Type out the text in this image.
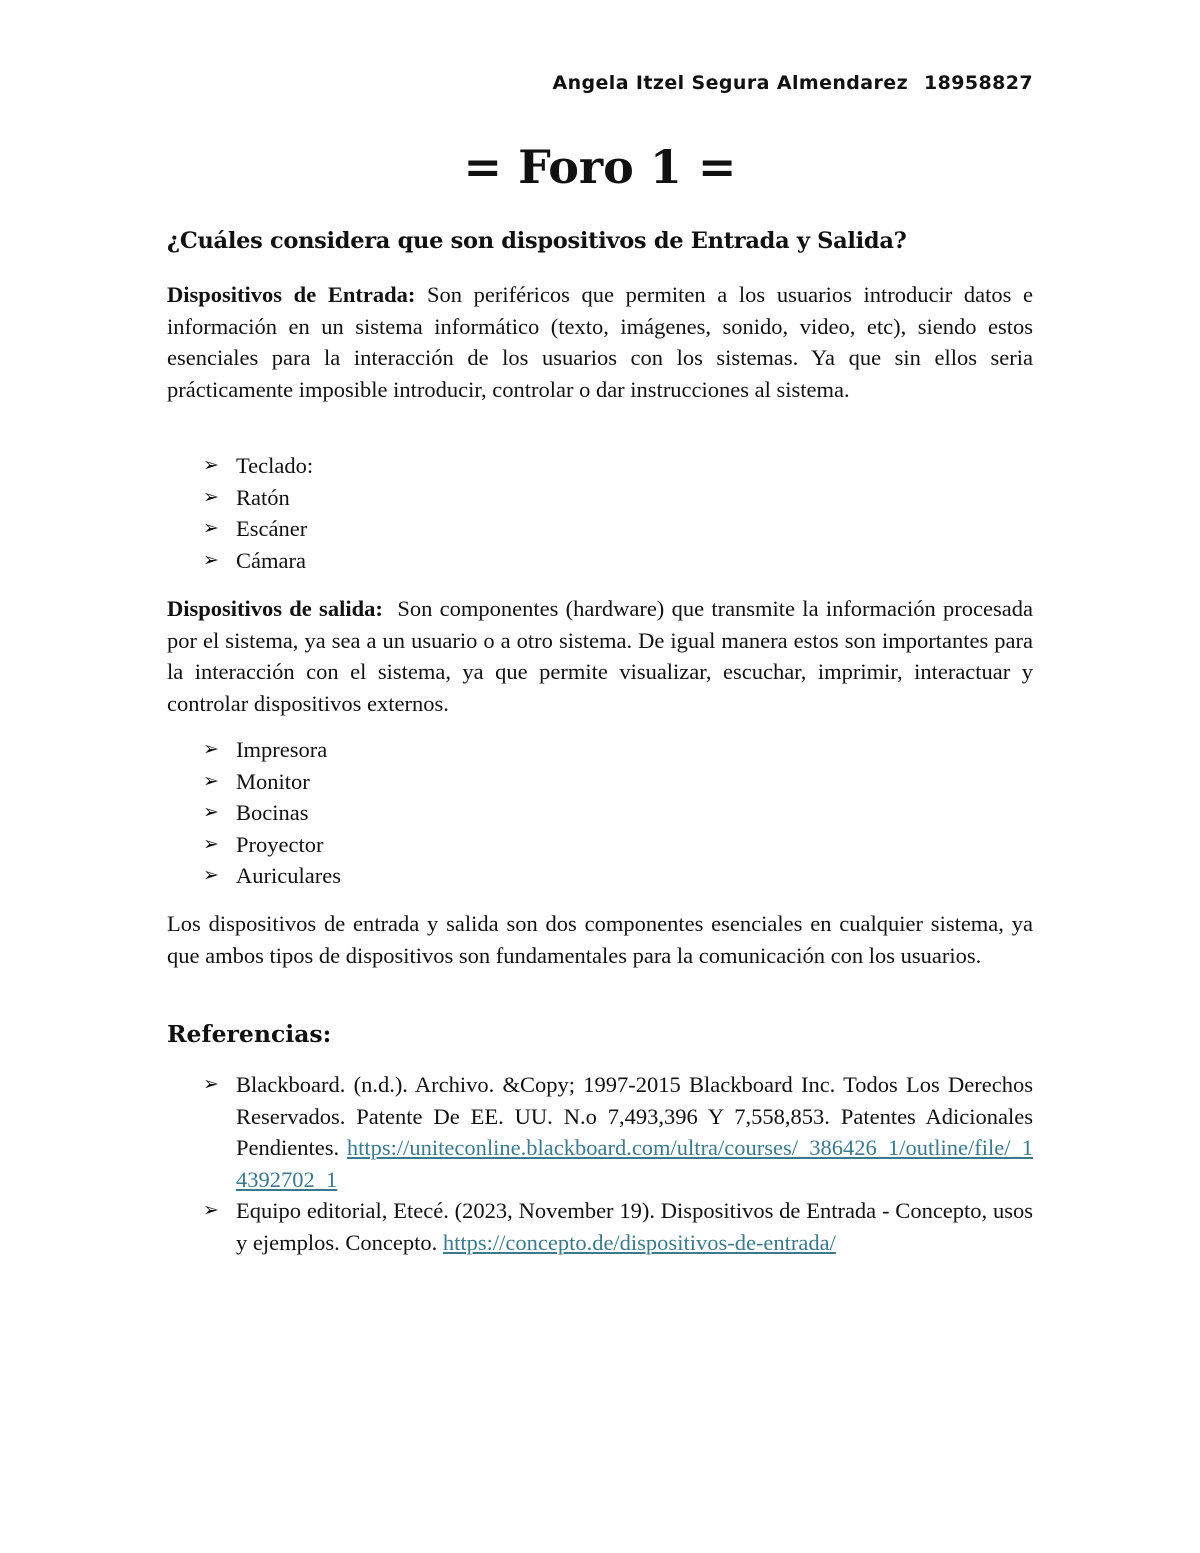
Angela Itzel Segura Almendarez 18958827
= Foro 1 =
¿Cuáles considera que son dispositivos de Entrada y Salida?

Dispositivos de Entrada: Son periféricos que permiten a los usuarios introducir datos e información en un sistema informático (texto, imágenes, sonido, video, etc), siendo estos esenciales para la interacción de los usuarios con los sistemas. Ya que sin ellos seria prácticamente imposible introducir, controlar o dar instrucciones al sistema.

➢ Teclado:
➢ Ratón
➢ Escáner
➢ Cámara

Dispositivos de salida:  Son componentes (hardware) que transmite la información procesada por el sistema, ya sea a un usuario o a otro sistema. De igual manera estos son importantes para la interacción con el sistema, ya que permite visualizar, escuchar, imprimir, interactuar y controlar dispositivos externos.

➢ Impresora
➢ Monitor
➢ Bocinas
➢ Proyector
➢ Auriculares

Los dispositivos de entrada y salida son dos componentes esenciales en cualquier sistema, ya que ambos tipos de dispositivos son fundamentales para la comunicación con los usuarios.

Referencias:
➢ Blackboard. (n.d.). Archivo. &Copy; 1997-2015 Blackboard Inc. Todos Los Derechos Reservados. Patente De EE. UU. N.o 7,493,396 Y 7,558,853. Patentes Adicionales Pendientes. https://uniteconline.blackboard.com/ultra/courses/_386426_1/outline/file/_14392702_1
➢ Equipo editorial, Etecé. (2023, November 19). Dispositivos de Entrada - Concepto, usos y ejemplos. Concepto. https://concepto.de/dispositivos-de-entrada/
